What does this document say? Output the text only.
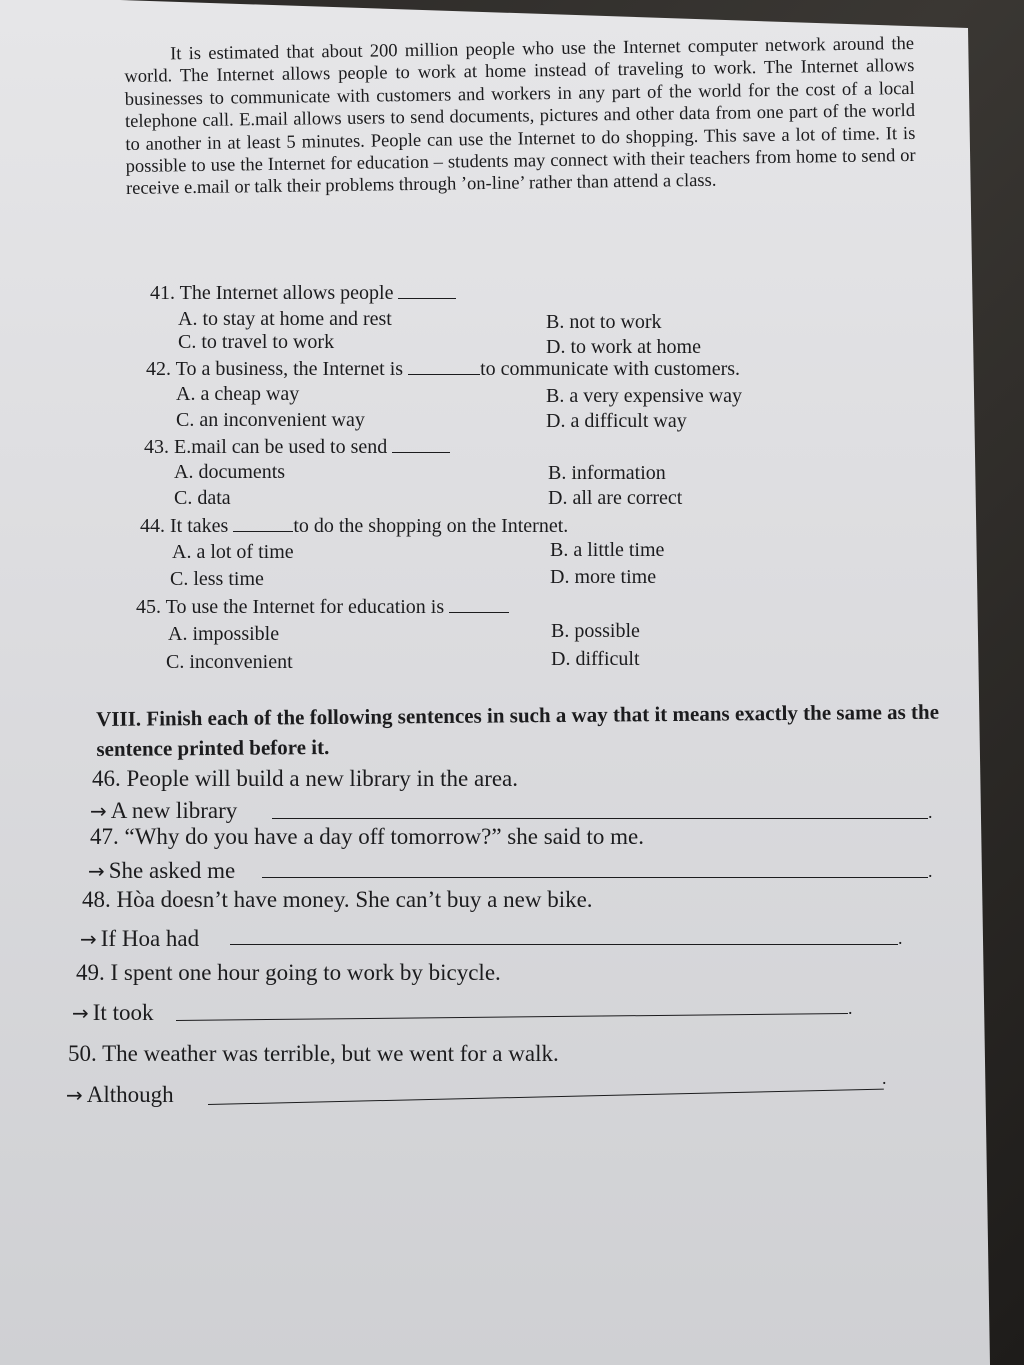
It is estimated that about 200 million people who use the Internet computer network around the world. The Internet allows people to work at home instead of traveling to work. The Internet allows businesses to communicate with customers and workers in any part of the world for the cost of a local telephone call. E.mail allows users to send documents, pictures and other data from one part of the world to another in at least 5 minutes. People can use the Internet to do shopping. This save a lot of time. It is possible to use the Internet for education – students may connect with their teachers from home to send or receive e.mail or talk their problems through ’on-line’ rather than attend a class.

41. The Internet allows people
A. to stay at home and rest	B. not to work
C. to travel to work	D. to work at home
42. To a business, the Internet is	to communicate with customers.
A. a cheap way	B. a very expensive way
C. an inconvenient way	D. a difficult way
43. E.mail can be used to send
A. documents	B. information
C. data	D. all are correct
44. It takes	to do the shopping on the Internet.
A. a lot of time	B. a little time
C. less time	D. more time
45. To use the Internet for education is
A. impossible	B. possible
C. inconvenient	D. difficult
VIII. Finish each of the following sentences in such a way that it means exactly the same as the sentence printed before it.
46. People will build a new library in the area.
→ A new library	.
47. “Why do you have a day off tomorrow?” she said to me.
→ She asked me	.
48. Hòa doesn’t have money. She can’t buy a new bike.
→ If Hoa had	.
49. I spent one hour going to work by bicycle.
→ It took	.
50. The weather was terrible, but we went for a walk.
→ Although
.
